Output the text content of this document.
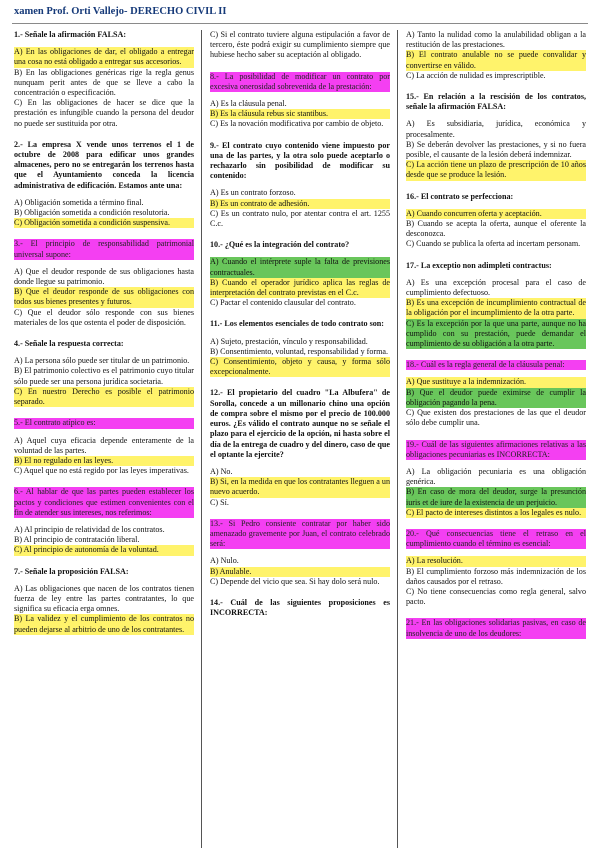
xamen Prof. Orti Vallejo- DERECHO CIVIL II

1.- Señale la afirmación FALSA:

A) En las obligaciones de dar, el obligado a entregar una cosa no está obligado a entregar sus accesorios.

B) En las obligaciones genéricas rige la regla genus nunquam perit antes de que se lleve a cabo la concentración o especificación.

C) En las obligaciones de hacer se dice que la prestación es infungible cuando la persona del deudor no puede ser sustituida por otra.

2.- La empresa X vende unos terrenos el 1 de octubre de 2008 para edificar unos grandes almacenes, pero no se entregarán los terrenos hasta que el Ayuntamiento conceda la licencia administrativa de edificación. Estamos ante una:

A) Obligación sometida a término final.

B) Obligación sometida a condición resolutoria.

C) Obligación sometida a condición suspensiva.

3.- El principio de responsabilidad patrimonial universal supone:

A) Que el deudor responde de sus obligaciones hasta donde llegue su patrimonio.

B) Que el deudor responde de sus obligaciones con todos sus bienes presentes y futuros.

C) Que el deudor sólo responde con sus bienes materiales de los que ostenta el poder de disposición.

4.- Señale la respuesta correcta:

A) La persona sólo puede ser titular de un patrimonio.

B) El patrimonio colectivo es el patrimonio cuyo titular sólo puede ser una persona jurídica societaria.

C) En nuestro Derecho es posible el patrimonio separado.

5.- El contrato atípico es:

A) Aquel cuya eficacia depende enteramente de la voluntad de las partes.

B) El no regulado en las leyes.

C) Aquel que no está regido por las leyes imperativas.

6.- Al hablar de que las partes pueden establecer los pactos y condiciones que estimen convenientes con el fin de atender sus intereses, nos referimos:

A) Al principio de relatividad de los contratos.

B) Al principio de contratación liberal.

C) Al principio de autonomía de la voluntad.

7.- Señale la proposición FALSA:

A) Las obligaciones que nacen de los contratos tienen fuerza de ley entre las partes contratantes, lo que significa su eficacia erga omnes.

B) La validez y el cumplimiento de los contratos no pueden dejarse al arbitrio de uno de los contratantes.

C) Si el contrato tuviere alguna estipulación a favor de tercero, éste podrá exigir su cumplimiento siempre que hubiese hecho saber su aceptación al obligado.

8.- La posibilidad de modificar un contrato por excesiva onerosidad sobrevenida de la prestación:

A) Es la cláusula penal.

B) Es la cláusula rebus sic stantibus.

C) Es la novación modificativa por cambio de objeto.

9.- El contrato cuyo contenido viene impuesto por una de las partes, y la otra solo puede aceptarlo o rechazarlo sin posibilidad de modificar su contenido:

A) Es un contrato forzoso.

B) Es un contrato de adhesión.

C) Es un contrato nulo, por atentar contra el art. 1255 C.c.

10.- ¿Qué es la integración del contrato?

A) Cuando el intérprete suple la falta de previsiones contractuales.

B) Cuando el operador jurídico aplica las reglas de interpretación del contrato previstas en el C.c.

C) Pactar el contenido clausular del contrato.

11.- Los elementos esenciales de todo contrato son:

A) Sujeto, prestación, vínculo y responsabilidad.

B) Consentimiento, voluntad, responsabilidad y forma.

C) Consentimiento, objeto y causa, y forma sólo excepcionalmente.

12.- El propietario del cuadro "La Albufera" de Sorolla, concede a un millonario chino una opción de compra sobre el mismo por el precio de 100.000 euros. ¿Es válido el contrato aunque no se señale el plazo para el ejercicio de la opción, ni hasta sobre el día de la entrega de cuadro y del dinero, caso de que el optante la ejercite?

A) No.

B) Si, en la medida en que los contratantes lleguen a un nuevo acuerdo.

C) Sí.

13.- Si Pedro consiente contratar por haber sido amenazado gravemente por Juan, el contrato celebrado será:

A) Nulo.

B) Anulable.

C) Depende del vicio que sea. Si hay dolo será nulo.

14.- Cuál de las siguientes proposiciones es INCORRECTA:

A) Tanto la nulidad como la anulabilidad obligan a la restitución de las prestaciones.

B) El contrato anulable no se puede convalidar y convertirse en válido.

C) La acción de nulidad es imprescriptible.

15.- En relación a la rescisión de los contratos, señale la afirmación FALSA:

A) Es subsidiaria, jurídica, económica y procesalmente.

B) Se deberán devolver las prestaciones, y si no fuera posible, el causante de la lesión deberá indemnizar.

C) La acción tiene un plazo de prescripción de 10 años desde que se produce la lesión.

16.- El contrato se perfecciona:

A) Cuando concurren oferta y aceptación.

B) Cuando se acepta la oferta, aunque el oferente la desconozca.

C) Cuando se publica la oferta ad incertam personam.

17.- La exceptio non adimpleti contractus:

A) Es una excepción procesal para el caso de cumplimiento defectuoso.

B) Es una excepción de incumplimiento contractual de la obligación por el incumplimiento de la otra parte.

C) Es la excepción por la que una parte, aunque no ha cumplido con su prestación, puede demandar el cumplimiento de su obligación a la otra parte.

18.- Cuál es la regla general de la cláusula penal:

A) Que sustituye a la indemnización.

B) Que el deudor puede eximirse de cumplir la obligación pagando la pena.

C) Que existen dos prestaciones de las que el deudor sólo debe cumplir una.

19.- Cuál de las siguientes afirmaciones relativas a las obligaciones pecuniarias es INCORRECTA:

A) La obligación pecuniaria es una obligación genérica.

B) En caso de mora del deudor, surge la presunción iuris et de iure de la existencia de un perjuicio.

C) El pacto de intereses distintos a los legales es nulo.

20.- Qué consecuencias tiene el retraso en el cumplimiento cuando el término es esencial:

A) La resolución.

B) El cumplimiento forzoso más indemnización de los daños causados por el retraso.

C) No tiene consecuencias como regla general, salvo pacto.

21.- En las obligaciones solidarias pasivas, en caso de insolvencia de uno de los deudores:
